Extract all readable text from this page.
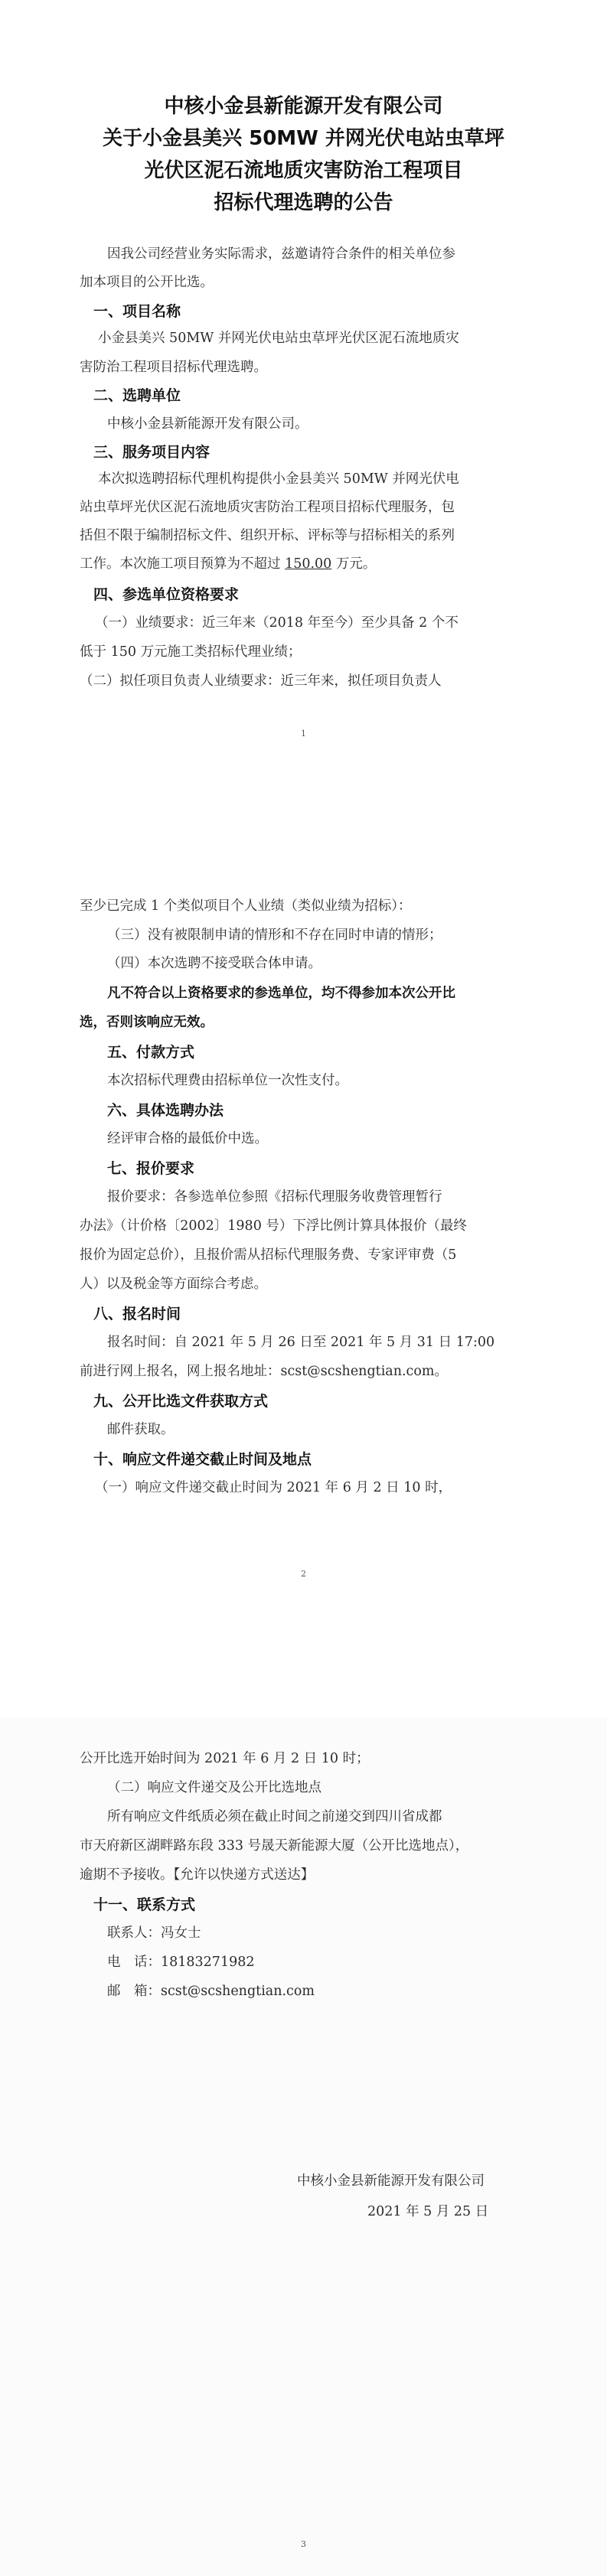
中核小金县新能源开发有限公司
关于小金县美兴 50MW 并网光伏电站虫草坪
光伏区泥石流地质灾害防治工程项目
招标代理选聘的公告
因我公司经营业务实际需求，兹邀请符合条件的相关单位参
加本项目的公开比选。
一、项目名称
小金县美兴 50MW 并网光伏电站虫草坪光伏区泥石流地质灾
害防治工程项目招标代理选聘。
二、选聘单位
中核小金县新能源开发有限公司。
三、服务项目内容
本次拟选聘招标代理机构提供小金县美兴 50MW 并网光伏电
站虫草坪光伏区泥石流地质灾害防治工程项目招标代理服务，包
括但不限于编制招标文件、组织开标、评标等与招标相关的系列
工作。本次施工项目预算为不超过 150.00 万元。
四、参选单位资格要求
（一）业绩要求：近三年来（2018 年至今）至少具备 2 个不
低于 150 万元施工类招标代理业绩；
（二）拟任项目负责人业绩要求：近三年来，拟任项目负责人
1
至少已完成 1 个类似项目个人业绩（类似业绩为招标）：
（三）没有被限制申请的情形和不存在同时申请的情形；
（四）本次选聘不接受联合体申请。
凡不符合以上资格要求的参选单位，均不得参加本次公开比
选，否则该响应无效。
五、付款方式
本次招标代理费由招标单位一次性支付。
六、具体选聘办法
经评审合格的最低价中选。
七、报价要求
报价要求：各参选单位参照《招标代理服务收费管理暂行
办法》（计价格〔2002〕1980 号）下浮比例计算具体报价（最终
报价为固定总价），且报价需从招标代理服务费、专家评审费（5
人）以及税金等方面综合考虑。
八、报名时间
报名时间：自 2021 年 5 月 26 日至 2021 年 5 月 31 日 17:00
前进行网上报名，网上报名地址：scst@scshengtian.com。
九、公开比选文件获取方式
邮件获取。
十、响应文件递交截止时间及地点
（一）响应文件递交截止时间为 2021 年 6 月 2 日 10 时，
2
公开比选开始时间为 2021 年 6 月 2 日 10 时；
（二）响应文件递交及公开比选地点
所有响应文件纸质必须在截止时间之前递交到四川省成都
市天府新区湖畔路东段 333 号晟天新能源大厦（公开比选地点），
逾期不予接收。【允许以快递方式送达】
十一、联系方式
联系人：冯女士
电　话：18183271982
邮　箱：scst@scshengtian.com
中核小金县新能源开发有限公司
2021 年 5 月 25 日
3
